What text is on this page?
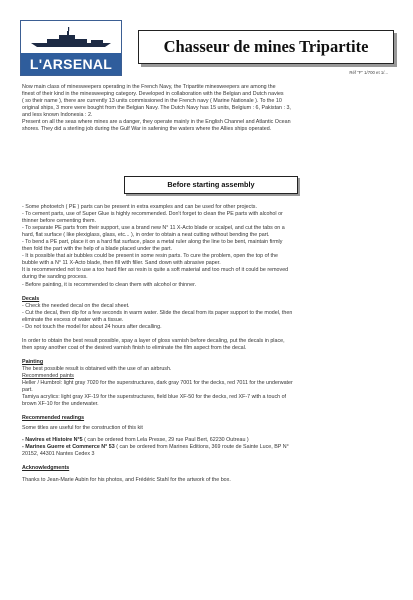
L'ARSENAL
Chasseur de mines Tripartite
Réf "F" 1/700 et 1/...

Now main class of minesweepers operating in the French Navy, the Tripartite minesweepers are among the

finest of their kind in the minesweeping category. Developed in collaboration with the Belgian and Dutch navies

( so their name ), there are currently 13 units commissioned in the French navy ( Marine Nationale ). To the 10

original ships, 3 more were bought from the Belgian Navy. The Dutch Navy has 15 units, Belgium : 6, Pakistan : 3,

and less known Indonesia : 2.

Present on all the seas where mines are a danger, they operate mainly in the English Channel and Atlantic Ocean

shores. They did a sterling job during the Gulf War in safening the waters where the Allies ships operated.

Before starting assembly

- Some photoetch ( PE ) parts can be present in extra examples and can be used for other projects.

- To cement parts, use of Super Glue is highly recommended. Don't forget to clean the PE parts with alcohol or

thinner before cementing them.

- To separate PE parts from their support, use a brand new N° 11 X-Acto blade or scalpel, and cut the tabs on a

hard, flat surface ( like plexiglass, glass, etc... ), in order to obtain a neat cutting without bending the part.

- To bend a PE part, place it on a hard flat surface, place a metal ruler along the line to be bent, maintain firmly

then fold the part with the help of a blade placed under the part.

- It is possible that air bubbles could be present in some resin parts. To cure the problem, open the top of the

bubble with a N° 11 X-Acto blade, then fill with filler. Sand down with abrasive paper.

It is recommended not to use a too hard filer as resin is quite a soft material and too much of it could be removed

during the sanding process.

- Before painting, it is recommended to clean them with alcohol or thinner.

Decals

- Check the needed decal on the decal sheet.

- Cut the decal, then dip for a few seconds in warm water. Slide the decal from its paper support to the model, then

eliminate the excess of water with a tissue.

- Do not touch the model for about 24 hours after decalling.

In order to obtain the best result possible, spay a layer of gloss varnish before decaling, put the decals in place,

then spray another coat of the desired varnish finish to eliminate the film aspect from the decal.

Painting

The best possible result is obtained with the use of an airbrush.

Recommended paints

Heller / Humbrol: light gray 7020 for the superstructures, dark gray 7001 for the decks, red 7011 for the underwater

part.

Tamiya acrylics: light gray XF-19 for the superstructures, field blue XF-50 for the decks, red XF-7 with a touch of

brown XF-10 for the underwater.

Recommended readings

Some titles are useful for the construction of this kit

- Navires et Histoire N°5 ( can be ordered from Lela Presse, 29 rue Paul Bert, 62230 Outreau )

- Marines Guerre et Commerce N° 53 ( can be ordered from Marines Editions, 369 route de Sainte Luce, BP N°

20152, 44301 Nantes Cedex 3

Acknowledgments

Thanks to Jean-Marie Aubin for his photos, and Frédéric Stahl for the artwork of the box.
